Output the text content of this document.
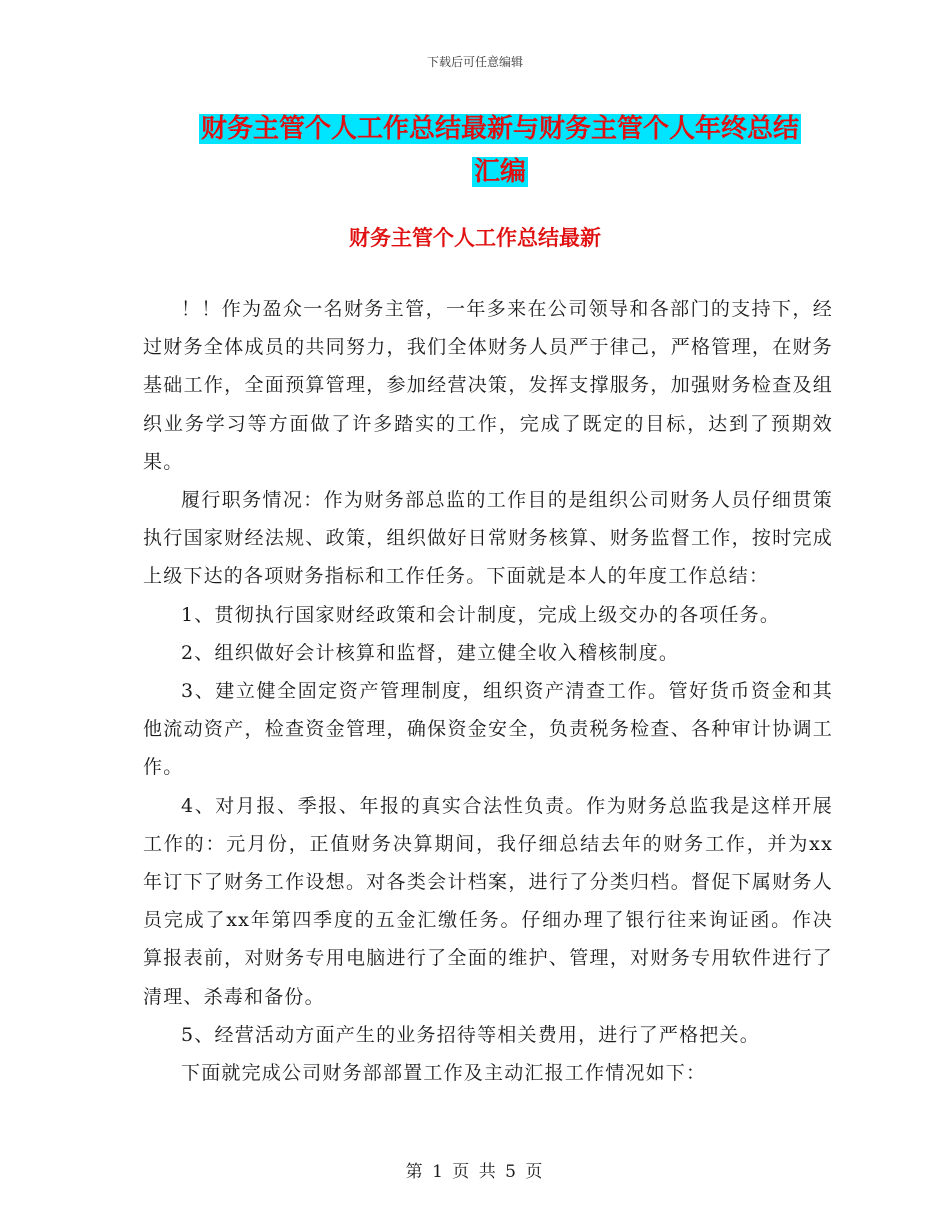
下载后可任意编辑
财务主管个人工作总结最新与财务主管个人年终总结
汇编
财务主管个人工作总结最新

！！作为盈众一名财务主管，一年多来在公司领导和各部门的支持下，经过财务全体成员的共同努力，我们全体财务人员严于律己，严格管理，在财务基础工作，全面预算管理，参加经营决策，发挥支撑服务，加强财务检查及组织业务学习等方面做了许多踏实的工作，完成了既定的目标，达到了预期效果。

履行职务情况：作为财务部总监的工作目的是组织公司财务人员仔细贯策执行国家财经法规、政策，组织做好日常财务核算、财务监督工作，按时完成上级下达的各项财务指标和工作任务。下面就是本人的年度工作总结：

1、贯彻执行国家财经政策和会计制度，完成上级交办的各项任务。

2、组织做好会计核算和监督，建立健全收入稽核制度。

3、建立健全固定资产管理制度，组织资产清查工作。管好货币资金和其他流动资产，检查资金管理，确保资金安全，负责税务检查、各种审计协调工作。

4、对月报、季报、年报的真实合法性负责。作为财务总监我是这样开展工作的：元月份，正值财务决算期间，我仔细总结去年的财务工作，并为xx年订下了财务工作设想。对各类会计档案，进行了分类归档。督促下属财务人员完成了xx年第四季度的五金汇缴任务。仔细办理了银行往来询证函。作决算报表前，对财务专用电脑进行了全面的维护、管理，对财务专用软件进行了清理、杀毒和备份。

5、经营活动方面产生的业务招待等相关费用，进行了严格把关。

下面就完成公司财务部部置工作及主动汇报工作情况如下：

第 1 页 共 5 页
